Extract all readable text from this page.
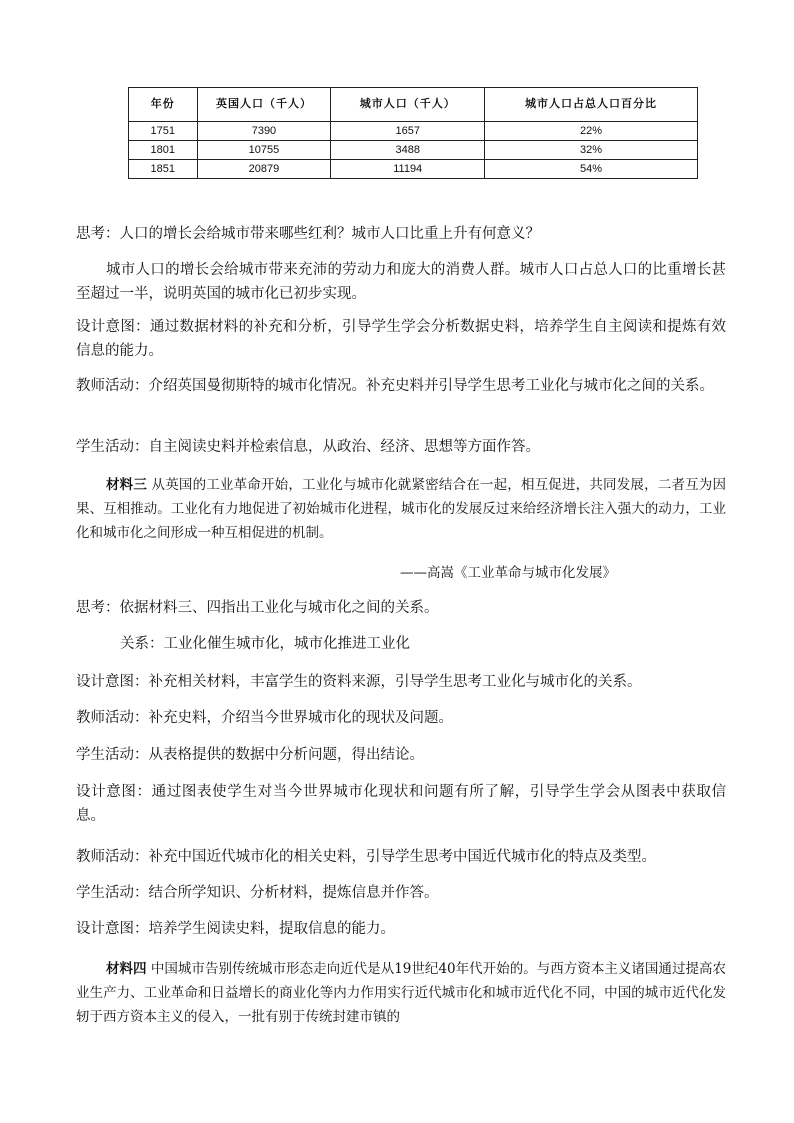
年份	英国人口（千人）	城市人口（千人）	城市人口占总人口百分比
1751	7390	1657	22%
1801	10755	3488	32%
1851	20879	11194	54%
思考：人口的增长会给城市带来哪些红利？城市人口比重上升有何意义？
城市人口的增长会给城市带来充沛的劳动力和庞大的消费人群。城市人口占总人口的比重增长甚至超过一半，说明英国的城市化已初步实现。
设计意图：通过数据材料的补充和分析，引导学生学会分析数据史料，培养学生自主阅读和提炼有效信息的能力。
教师活动：介绍英国曼彻斯特的城市化情况。补充史料并引导学生思考工业化与城市化之间的关系。
学生活动：自主阅读史料并检索信息，从政治、经济、思想等方面作答。
材料三 从英国的工业革命开始，工业化与城市化就紧密结合在一起，相互促进，共同发展，二者互为因果、互相推动。工业化有力地促进了初始城市化进程，城市化的发展反过来给经济增长注入强大的动力，工业化和城市化之间形成一种互相促进的机制。
——高嵩《工业革命与城市化发展》
思考：依据材料三、四指出工业化与城市化之间的关系。
关系：工业化催生城市化，城市化推进工业化
设计意图：补充相关材料，丰富学生的资料来源，引导学生思考工业化与城市化的关系。
教师活动：补充史料，介绍当今世界城市化的现状及问题。
学生活动：从表格提供的数据中分析问题，得出结论。
设计意图：通过图表使学生对当今世界城市化现状和问题有所了解，引导学生学会从图表中获取信息。
教师活动：补充中国近代城市化的相关史料，引导学生思考中国近代城市化的特点及类型。
学生活动：结合所学知识、分析材料，提炼信息并作答。
设计意图：培养学生阅读史料，提取信息的能力。
材料四 中国城市告别传统城市形态走向近代是从19世纪40年代开始的。与西方资本主义诸国通过提高农业生产力、工业革命和日益增长的商业化等内力作用实行近代城市化和城市近代化不同，中国的城市近代化发轫于西方资本主义的侵入，一批有别于传统封建市镇的
